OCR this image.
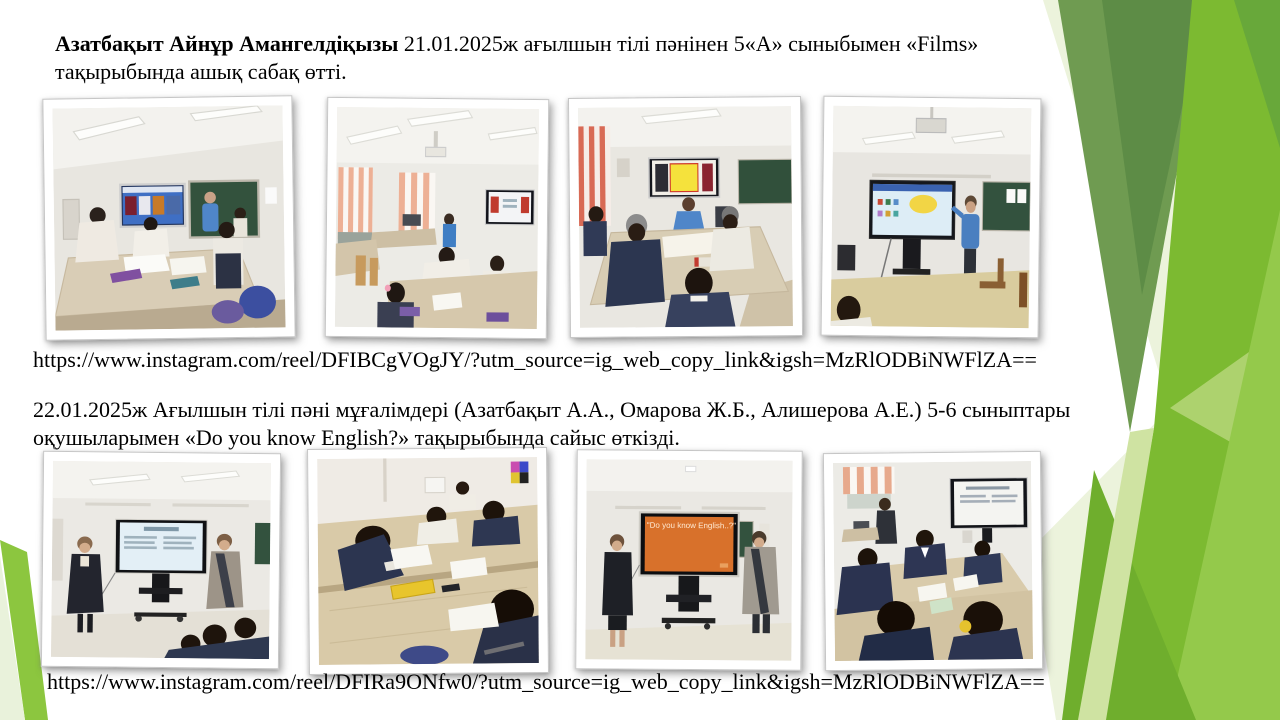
Азатбақыт Айнұр Амангелдіқызы 21.01.2025ж ағылшын тілі пәнінен 5«А» сыныбымен «Films»
тақырыбында ашық сабақ өтті.
https://www.instagram.com/reel/DFIBCgVOgJY/?utm_source=ig_web_copy_link&igsh=MzRlODBiNWFlZA==
22.01.2025ж Ағылшын тілі пәні мұғалімдері (Азатбақыт А.А., Омарова Ж.Б., Алишерова А.Е.) 5-6 сыныптары
оқушыларымен «Do you know English?» тақырыбында сайыс өткізді.
"Do you know English..?"
https://www.instagram.com/reel/DFIRa9ONfw0/?utm_source=ig_web_copy_link&igsh=MzRlODBiNWFlZA==
